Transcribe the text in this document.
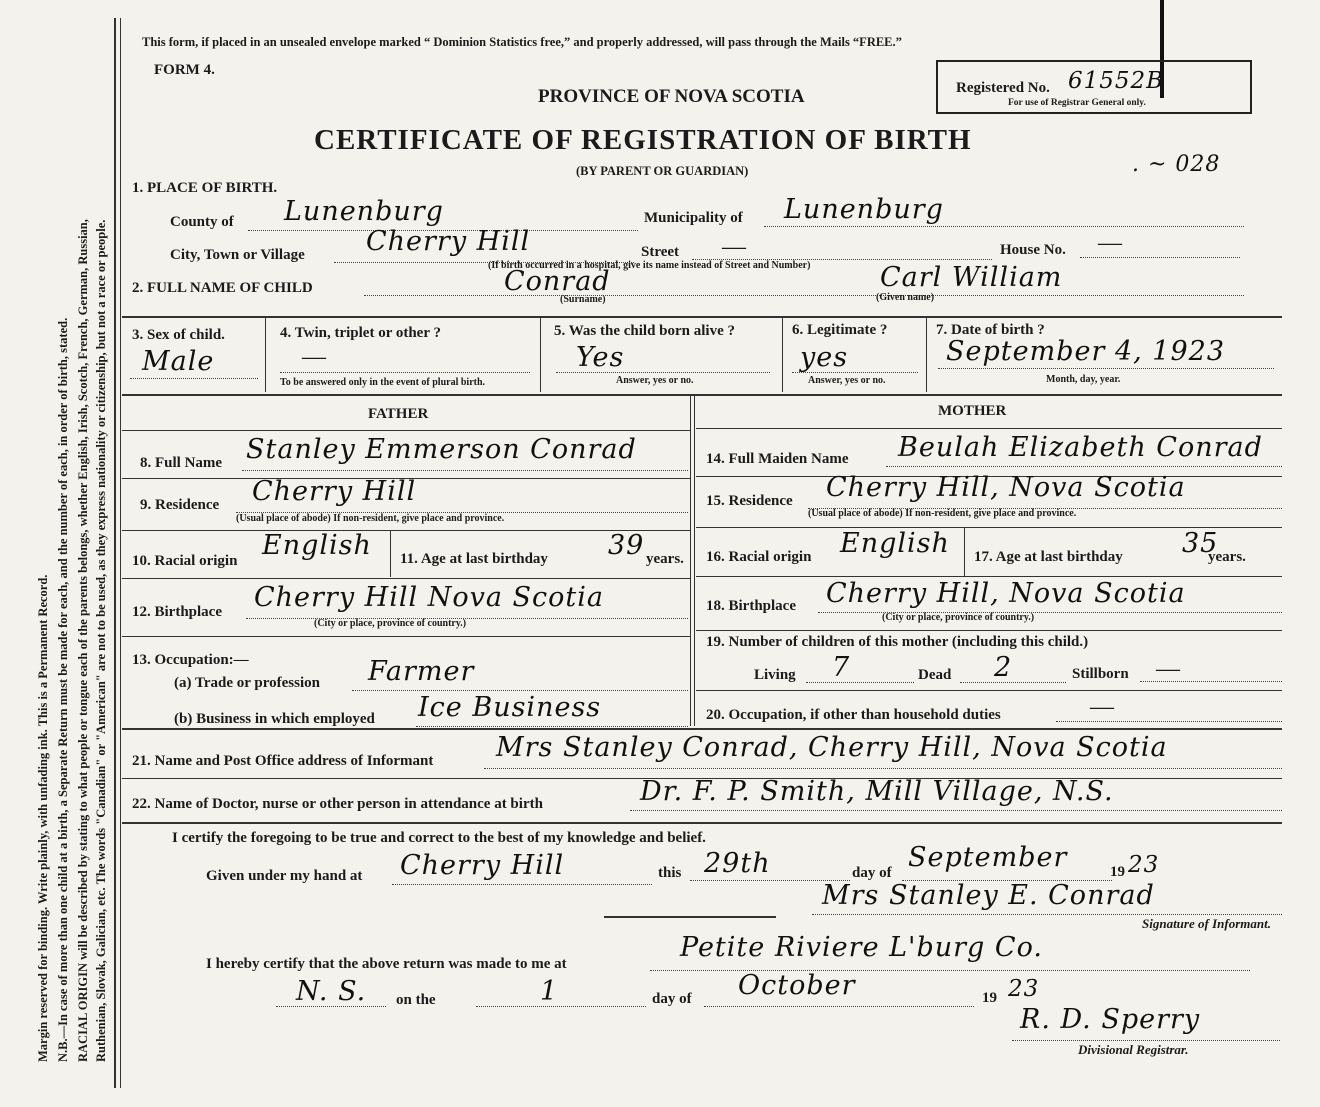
Margin reserved for binding. Write plainly, with unfading ink. This is a Permanent Record. N.B.—In case of more than one child at a birth, a Separate Return must be made for each, and the number of each, in order of birth, stated. RACIAL ORIGIN will be described by stating to what people or tongue each of the parents belongs, whether English, Irish, Scotch, French, German, Russian, Ruthenian, Slovak, Galician, etc. The words "Canadian" or "American" are not to be used, as they express nationality or citizenship, but not a race or people.
This form, if placed in an unsealed envelope marked “ Dominion Statistics free,” and properly addressed, will pass through the Mails “FREE.”
FORM 4.
PROVINCE OF NOVA SCOTIA
CERTIFICATE OF REGISTRATION OF BIRTH
(BY PARENT OR GUARDIAN)
Registered No. 61552B
For use of Registrar General only.
. ~ 028
1. PLACE OF BIRTH.
County of Lunenburg	Municipality of Lunenburg
City, Town or Village Cherry Hill	Street —	House No. —
(If birth occurred in a hospital, give its name instead of Street and Number)
2. FULL NAME OF CHILD	Conrad
(Surname)
Carl William
(Given name)
3. Sex of child.
Male
4. Twin, triplet or other ?
—
To be answered only in the event of plural birth.
5. Was the child born alive ?
Yes
Answer, yes or no.
6. Legitimate ?
yes
Answer, yes or no.
7. Date of birth ?
September 4, 1923
Month, day, year.
FATHER	MOTHER
8. Full Name Stanley Emmerson Conrad
9. Residence Cherry Hill
(Usual place of abode) If non-resident, give place and province.
10. Racial origin English 11. Age at last birthday 39 years.
12. Birthplace Cherry Hill Nova Scotia
(City or place, province of country.)
13. Occupation:—
(a) Trade or profession Farmer
(b) Business in which employed Ice Business
14. Full Maiden Name Beulah Elizabeth Conrad
15. Residence Cherry Hill, Nova Scotia
(Usual place of abode) If non-resident, give place and province.
16. Racial origin English 17. Age at last birthday 35
years.
18. Birthplace Cherry Hill, Nova Scotia
(City or place, province of country.)
19. Number of children of this mother (including this child.)
Living 7	Dead 2	Stillborn —
20. Occupation, if other than household duties	—
21. Name and Post Office address of Informant Mrs Stanley Conrad, Cherry Hill, Nova Scotia
22. Name of Doctor, nurse or other person in attendance at birth	Dr. F. P. Smith, Mill Village, N.S.
I certify the foregoing to be true and correct to the best of my knowledge and belief.
Given under my hand at Cherry Hill	this 29th	day of September	19 23
Mrs Stanley E. Conrad
Signature of Informant.
I hereby certify that the above return was made to me at
Petite Riviere L'burg Co.
N. S. on the	1	day of October	19 23
R. D. Sperry
Divisional Registrar.
